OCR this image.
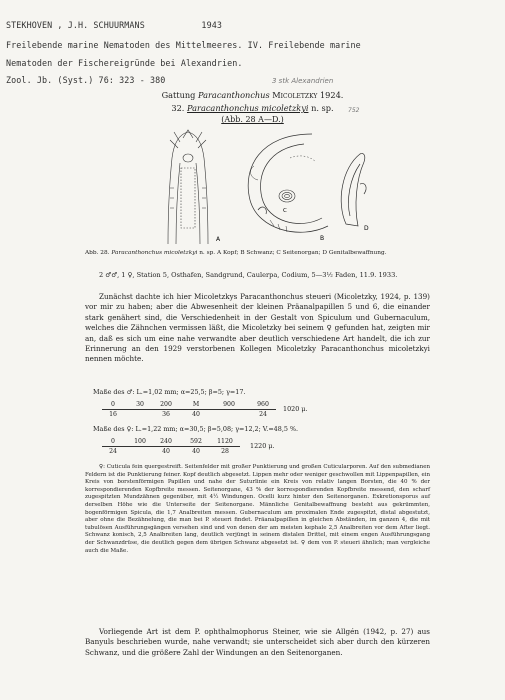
STEKHOVEN , J.H. SCHUURMANS	1943
Freilebende marine Nematoden des Mittelmeeres. IV. Freilebende marine
Nematoden der Fischereigründe bei Alexandrien.
Zool. Jb. (Syst.) 76: 323 - 380	3 stk Alexandrien
752
Gattung Paracanthonchus Micoletzky 1924.
32. Paracanthonchus micoletzkyi n. sp.
(Abb. 28 A—D.)
A	B
C
D
Abb. 28. Paracanthonchus micoletzkyi n. sp. A Kopf; B Schwanz; C Seitenorgan; D Genitalbewaffnung.
2 ♂♂, 1 ♀, Station 5, Osthafen, Sandgrund, Caulerpa, Codium, 5—3½ Faden, 11.9. 1933.
Zunächst dachte ich hier Micoletzkys Paracanthonchus steueri (Micoletzky, 1924, p. 139) vor mir zu haben; aber die Abwesenheit der kleinen Präanalpapillen 5 und 6, die einander stark genähert sind, die Verschiedenheit in der Gestalt von Spiculum und Gubernaculum, welches die Zähnchen vermissen läßt, die Micoletzky bei seinem ♀ gefunden hat, zeigten mir an, daß es sich um eine nahe verwandte aber deutlich verschiedene Art handelt, die ich zur Erinnerung an den 1929 verstorbenen Kollegen Micoletzky Paracanthonchus micoletzkyi nennen möchte.
Maße des ♂: L.=1,02 mm; α=25,5; β=5; γ=17.
0	30	200	M	900	960
16	36	40	24
1020 μ.
Maße des ♀: L.=1,22 mm; α=30,5; β=5,08; γ=12,2; V.=48,5 %.
0	100	240	592	1120
24	40	40	28
1220 μ.
♀: Cuticula fein quergestreift. Seitenfelder mit großer Punktierung und großen Cuticularporen. Auf den submedianen Feldern ist die Punktierung feiner. Kopf deutlich abgesetzt. Lippen mehr oder weniger geschwollen mit Lippenpapillen, ein Kreis von borstenförmigen Papillen und nahe der Suturlinie ein Kreis von relativ langen Borsten, die 40 % der korrespondierenden Kopfbreite messen. Seitenorgane, 43 % der korrespondierenden Kopfbreite messend, den scharf zugespitzten Mundzähnen gegenüber, mit 4½ Windungen. Ocelli kurz hinter den Seitenorganen. Exkretionsporus auf derselben Höhe wie die Unterseite der Seitenorgane. Männliche Genitalbewaffnung besteht aus gekrümmten, bogenförmigen Spicula, die 1,7 Analbreiten messen. Gubernaculum am proximalen Ende zugespitzt, distal abgestutzt, aber ohne die Bezähnelung, die man bei P. steueri findet. Präanalpapillen in gleichen Abständen, im ganzen 4, die mit tubulösen Ausführungsgängen versehen sind und von denen der am meisten kephale 2,5 Analbreiten vor dem After liegt. Schwanz konisch, 2,5 Analbreiten lang, deutlich verjüngt in seinem distalen Drittel, mit einem engen Ausführungsgang der Schwanzdrüse, die deutlich gegen dem übrigen Schwanz abgesetzt ist. ♀ dem von P. steueri ähnlich; man vergleiche auch die Maße.
Vorliegende Art ist dem P. ophthalmophorus Steiner, wie sie Allgén (1942, p. 27) aus Banyuls beschrieben wurde, nahe verwandt; sie unterscheidet sich aber durch den kürzeren Schwanz, und die größere Zahl der Windungen an den Seitenorganen.
